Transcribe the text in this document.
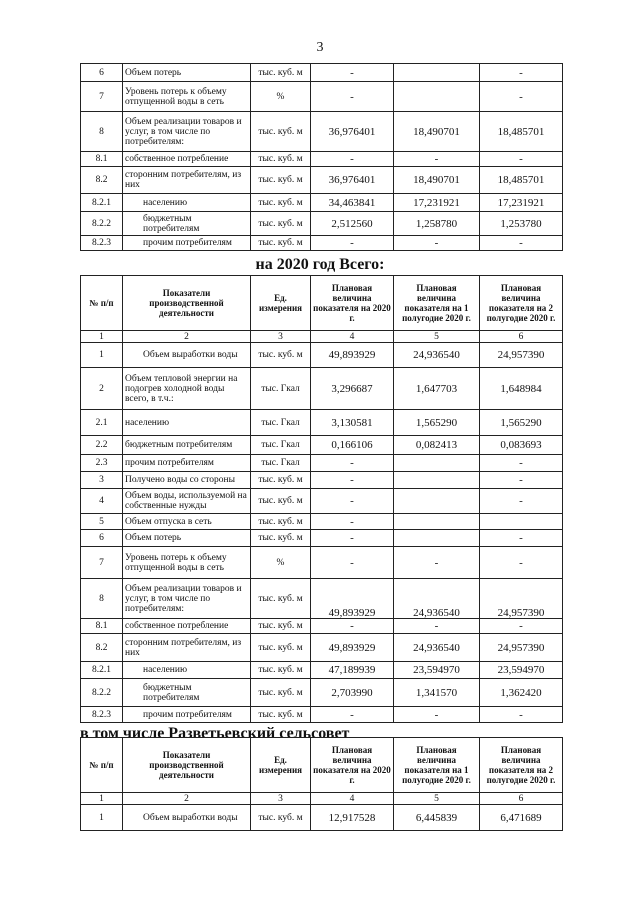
3
6	Объем потерь	тыс. куб. м	-		-
7	Уровень потерь к объему отпущенной воды в сеть	%	-		-
8	Объем реализации товаров и услуг, в том числе по потребителям:	тыс. куб. м	36,976401	18,490701	18,485701
8.1	собственное потребление	тыс. куб. м	-	-	-
8.2	сторонним потребителям, из них	тыс. куб. м	36,976401	18,490701	18,485701
8.2.1	населению	тыс. куб. м	34,463841	17,231921	17,231921
8.2.2	бюджетным потребителям	тыс. куб. м	2,512560	1,258780	1,253780
8.2.3	прочим потребителям	тыс. куб. м	-	-	-
на 2020 год Всего:
№ п/п	Показатели производственной деятельности	Ед. измерения	Плановая величина показателя на 2020 г.	Плановая величина показателя на 1 полугодие 2020 г.	Плановая величина показателя на 2 полугодие 2020 г.
1	2	3	4	5	6
1	Объем выработки воды	тыс. куб. м	49,893929	24,936540	24,957390
2	Объем тепловой энергии на подогрев холодной воды всего, в т.ч.:	тыс. Гкал	3,296687	1,647703	1,648984
2.1	населению	тыс. Гкал	3,130581	1,565290	1,565290
2.2	бюджетным потребителям	тыс. Гкал	0,166106	0,082413	0,083693
2.3	прочим потребителям	тыс. Гкал	-		-
3	Получено воды со стороны	тыс. куб. м	-		-
4	Объем воды, используемой на собственные нужды	тыс. куб. м	-		-
5	Объем отпуска в сеть	тыс. куб. м	-		
6	Объем потерь	тыс. куб. м	-		-
7	Уровень потерь к объему отпущенной воды в сеть	%	-	-	-
8	Объем реализации товаров и услуг, в том числе по потребителям:	тыс. куб. м	49,893929	24,936540	24,957390
8.1	собственное потребление	тыс. куб. м	-	-	-
8.2	сторонним потребителям, из них	тыс. куб. м	49,893929	24,936540	24,957390
8.2.1	населению	тыс. куб. м	47,189939	23,594970	23,594970
8.2.2	бюджетным потребителям	тыс. куб. м	2,703990	1,341570	1,362420
8.2.3	прочим потребителям	тыс. куб. м	-	-	-
в том числе Разветьевский сельсовет
№ п/п	Показатели производственной деятельности	Ед. измерения	Плановая величина показателя на 2020 г.	Плановая величина показателя на 1 полугодие 2020 г.	Плановая величина показателя на 2 полугодие 2020 г.
1	2	3	4	5	6
1	Объем выработки воды	тыс. куб. м	12,917528	6,445839	6,471689
